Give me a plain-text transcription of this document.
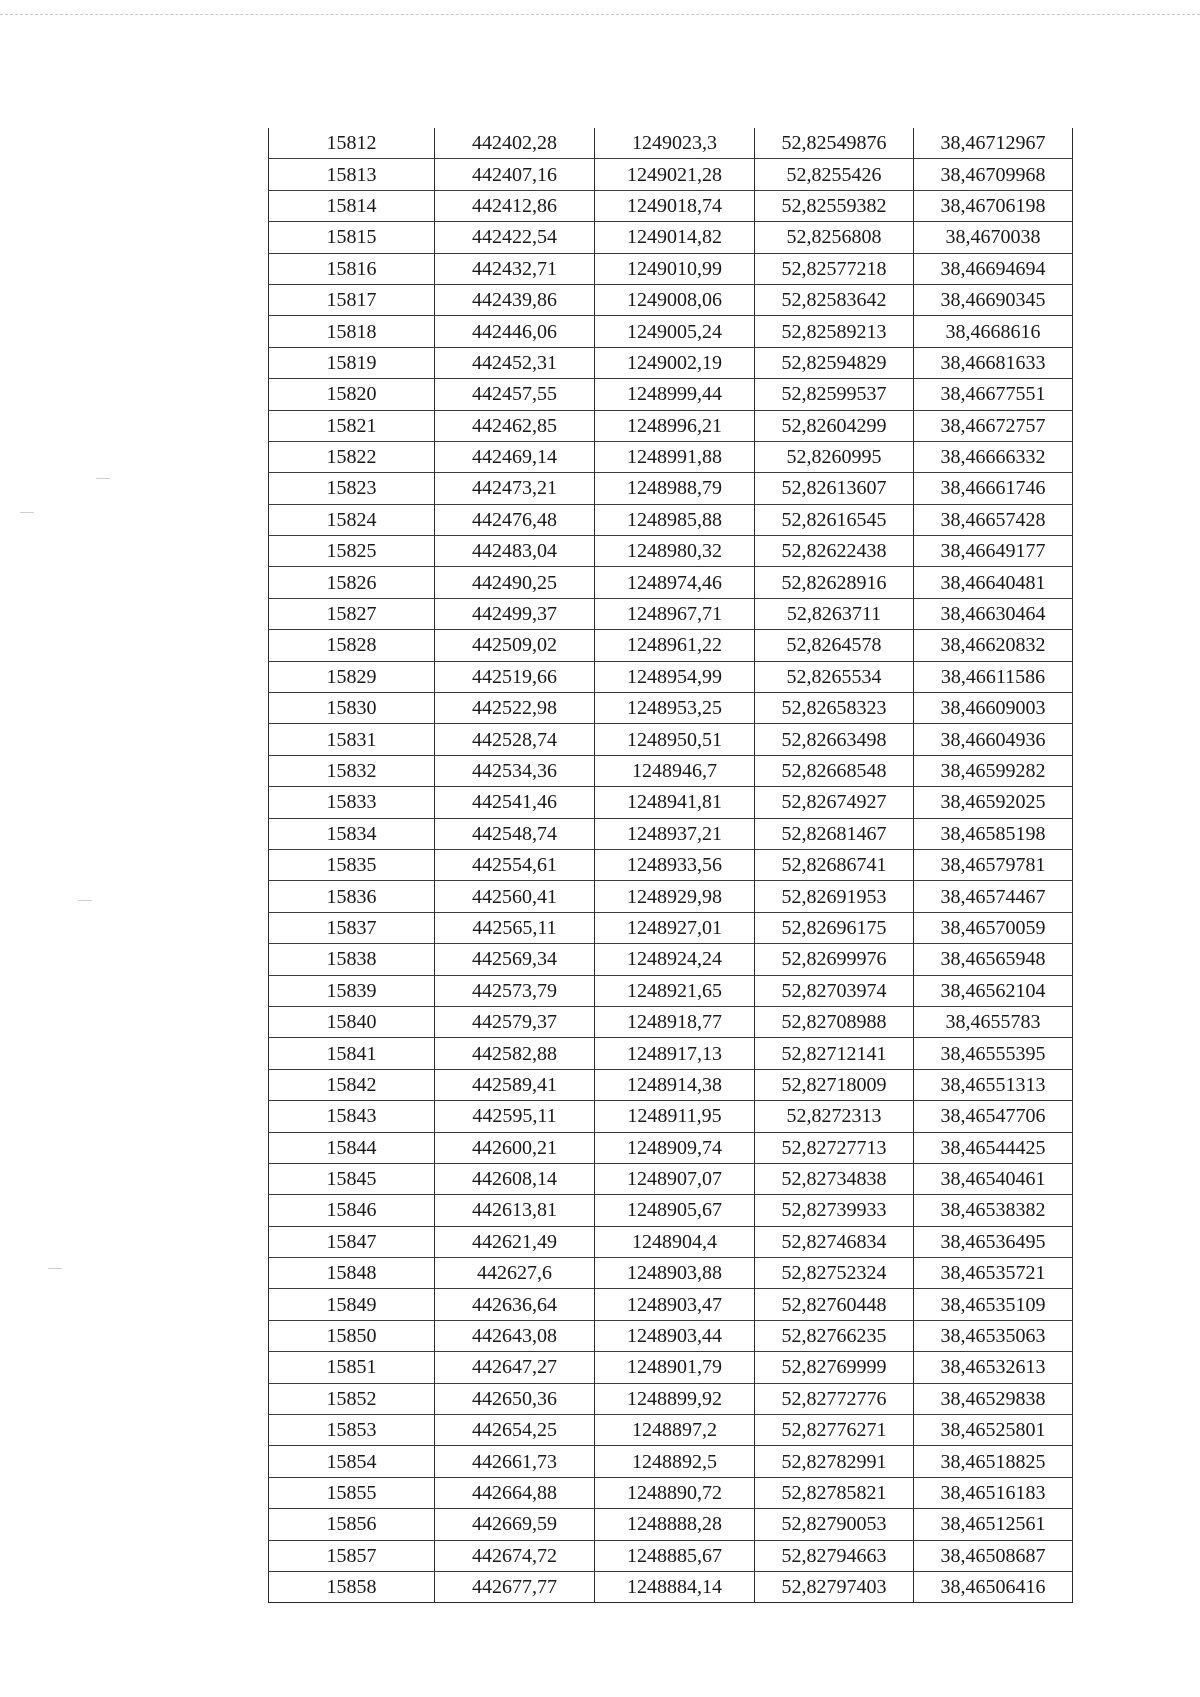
15812	442402,28	1249023,3	52,82549876	38,46712967
15813	442407,16	1249021,28	52,8255426	38,46709968
15814	442412,86	1249018,74	52,82559382	38,46706198
15815	442422,54	1249014,82	52,8256808	38,4670038
15816	442432,71	1249010,99	52,82577218	38,46694694
15817	442439,86	1249008,06	52,82583642	38,46690345
15818	442446,06	1249005,24	52,82589213	38,4668616
15819	442452,31	1249002,19	52,82594829	38,46681633
15820	442457,55	1248999,44	52,82599537	38,46677551
15821	442462,85	1248996,21	52,82604299	38,46672757
15822	442469,14	1248991,88	52,8260995	38,46666332
15823	442473,21	1248988,79	52,82613607	38,46661746
15824	442476,48	1248985,88	52,82616545	38,46657428
15825	442483,04	1248980,32	52,82622438	38,46649177
15826	442490,25	1248974,46	52,82628916	38,46640481
15827	442499,37	1248967,71	52,8263711	38,46630464
15828	442509,02	1248961,22	52,8264578	38,46620832
15829	442519,66	1248954,99	52,8265534	38,46611586
15830	442522,98	1248953,25	52,82658323	38,46609003
15831	442528,74	1248950,51	52,82663498	38,46604936
15832	442534,36	1248946,7	52,82668548	38,46599282
15833	442541,46	1248941,81	52,82674927	38,46592025
15834	442548,74	1248937,21	52,82681467	38,46585198
15835	442554,61	1248933,56	52,82686741	38,46579781
15836	442560,41	1248929,98	52,82691953	38,46574467
15837	442565,11	1248927,01	52,82696175	38,46570059
15838	442569,34	1248924,24	52,82699976	38,46565948
15839	442573,79	1248921,65	52,82703974	38,46562104
15840	442579,37	1248918,77	52,82708988	38,4655783
15841	442582,88	1248917,13	52,82712141	38,46555395
15842	442589,41	1248914,38	52,82718009	38,46551313
15843	442595,11	1248911,95	52,8272313	38,46547706
15844	442600,21	1248909,74	52,82727713	38,46544425
15845	442608,14	1248907,07	52,82734838	38,46540461
15846	442613,81	1248905,67	52,82739933	38,46538382
15847	442621,49	1248904,4	52,82746834	38,46536495
15848	442627,6	1248903,88	52,82752324	38,46535721
15849	442636,64	1248903,47	52,82760448	38,46535109
15850	442643,08	1248903,44	52,82766235	38,46535063
15851	442647,27	1248901,79	52,82769999	38,46532613
15852	442650,36	1248899,92	52,82772776	38,46529838
15853	442654,25	1248897,2	52,82776271	38,46525801
15854	442661,73	1248892,5	52,82782991	38,46518825
15855	442664,88	1248890,72	52,82785821	38,46516183
15856	442669,59	1248888,28	52,82790053	38,46512561
15857	442674,72	1248885,67	52,82794663	38,46508687
15858	442677,77	1248884,14	52,82797403	38,46506416
